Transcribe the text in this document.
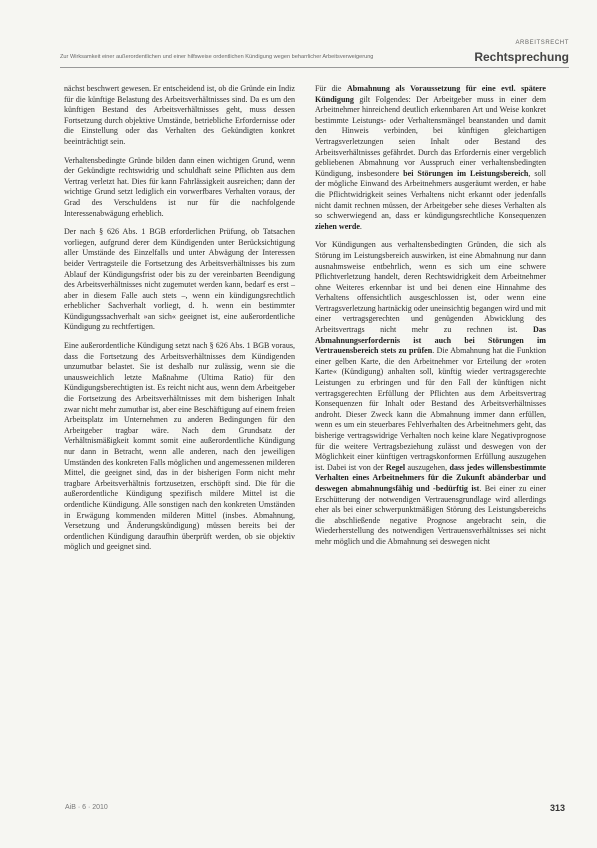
ARBEITSRECHT
Zur Wirksamkeit einer außerordentlichen und einer hilfsweise ordentlichen Kündigung wegen beharrlicher Arbeitsverweigerung	Rechtsprechung

nächst beschwert gewesen. Er entscheidend ist, ob die Gründe ein Indiz für die künftige Belastung des Arbeitsverhältnisses sind. Da es um den künftigen Bestand des Arbeitsverhältnisses geht, muss dessen Fortsetzung durch objektive Umstände, betriebliche Erfordernisse oder die Einstellung oder das Verhalten des Gekündigten konkret beeinträchtigt sein.

Verhaltensbedingte Gründe bilden dann einen wichtigen Grund, wenn der Gekündigte rechtswidrig und schuldhaft seine Pflichten aus dem Vertrag verletzt hat. Dies für kann Fahrlässigkeit ausreichen; dann der wichtige Grund setzt lediglich ein vorwerfbares Verhalten voraus, der Grad des Verschuldens ist nur für die nachfolgende Interessenabwägung erheblich.

Der nach § 626 Abs. 1 BGB erforderlichen Prüfung, ob Tatsachen vorliegen, aufgrund derer dem Kündigenden unter Berücksichtigung aller Umstände des Einzelfalls und unter Abwägung der Interessen beider Vertragsteile die Fortsetzung des Arbeitsverhältnisses bis zum Ablauf der Kündigungsfrist oder bis zu der vereinbarten Beendigung des Arbeitsverhältnisses nicht zugemutet werden kann, bedarf es erst – aber in diesem Falle auch stets –, wenn ein kündigungsrechtlich erheblicher Sachverhalt vorliegt, d. h. wenn ein bestimmter Kündigungssachverhalt »an sich« geeignet ist, eine außerordentliche Kündigung zu rechtfertigen.

Eine außerordentliche Kündigung setzt nach § 626 Abs. 1 BGB voraus, dass die Fortsetzung des Arbeitsverhältnisses dem Kündigenden unzumutbar belastet. Sie ist deshalb nur zulässig, wenn sie die unausweichlich letzte Maßnahme (Ultima Ratio) für den Kündigungsberechtigten ist. Es reicht nicht aus, wenn dem Arbeitgeber die Fortsetzung des Arbeitsverhältnisses mit dem bisherigen Inhalt zwar nicht mehr zumutbar ist, aber eine Beschäftigung auf einem freien Arbeitsplatz im Unternehmen zu anderen Bedingungen für den Arbeitgeber tragbar wäre. Nach dem Grundsatz der Verhältnismäßigkeit kommt somit eine außerordentliche Kündigung nur dann in Betracht, wenn alle anderen, nach den jeweiligen Umständen des konkreten Falls möglichen und angemessenen milderen Mittel, die geeignet sind, das in der bisherigen Form nicht mehr tragbare Arbeitsverhältnis fortzusetzen, erschöpft sind. Die für die außerordentliche Kündigung spezifisch mildere Mittel ist die ordentliche Kündigung. Alle sonstigen nach den konkreten Umständen in Erwägung kommenden milderen Mittel (insbes. Abmahnung, Versetzung und Änderungskündigung) müssen bereits bei der ordentlichen Kündigung daraufhin überprüft werden, ob sie objektiv möglich und geeignet sind.

Für die Abmahnung als Voraussetzung für eine evtl. spätere Kündigung gilt Folgendes: Der Arbeitgeber muss in einer dem Arbeitnehmer hinreichend deutlich erkennbaren Art und Weise konkret bestimmte Leistungs- oder Verhaltensmängel beanstanden und damit den Hinweis verbinden, bei künftigen gleichartigen Vertragsverletzungen seien Inhalt oder Bestand des Arbeitsverhältnisses gefährdet. Durch das Erfordernis einer vergeblich gebliebenen Abmahnung vor Ausspruch einer verhaltensbedingten Kündigung, insbesondere bei Störungen im Leistungsbereich, soll der mögliche Einwand des Arbeitnehmers ausgeräumt werden, er habe die Pflichtwidrigkeit seines Verhaltens nicht erkannt oder jedenfalls nicht damit rechnen müssen, der Arbeitgeber sehe dieses Verhalten als so schwerwiegend an, dass er kündigungsrechtliche Konsequenzen ziehen werde.

Vor Kündigungen aus verhaltensbedingten Gründen, die sich als Störung im Leistungsbereich auswirken, ist eine Abmahnung nur dann ausnahmsweise entbehrlich, wenn es sich um eine schwere Pflichtverletzung handelt, deren Rechtswidrigkeit dem Arbeitnehmer ohne Weiteres erkennbar ist und bei denen eine Hinnahme des Verhaltens offensichtlich ausgeschlossen ist, oder wenn eine Vertragsverletzung hartnäckig oder uneinsichtig begangen wird und mit einer vertragsgerechten und genügenden Abwicklung des Arbeitsvertrags nicht mehr zu rechnen ist. Das Abmahnungserfordernis ist auch bei Störungen im Vertrauensbereich stets zu prüfen. Die Abmahnung hat die Funktion einer gelben Karte, die den Arbeitnehmer vor Erteilung der »roten Karte« (Kündigung) anhalten soll, künftig wieder vertragsgerechte Leistungen zu erbringen und für den Fall der künftigen nicht vertragsgerechten Erfüllung der Pflichten aus dem Arbeitsvertrag Konsequenzen für Inhalt oder Bestand des Arbeitsverhältnisses androht. Dieser Zweck kann die Abmahnung immer dann erfüllen, wenn es um ein steuerbares Fehlverhalten des Arbeitnehmers geht, das bisherige vertragswidrige Verhalten noch keine klare Negativprognose für die weitere Vertragsbeziehung zulässt und deswegen von der Möglichkeit einer künftigen vertragskonformen Erfüllung auszugehen ist. Dabei ist von der Regel auszugehen, dass jedes willensbestimmte Verhalten eines Arbeitnehmers für die Zukunft abänderbar und deswegen abmahnungsfähig und -bedürftig ist. Bei einer zu einer Erschütterung der notwendigen Vertrauensgrundlage wird allerdings eher als bei einer schwerpunktmäßigen Störung des Leistungsbereichs die abschließende negative Prognose angebracht sein, die Wiederherstellung des notwendigen Vertrauensverhältnisses sei nicht mehr möglich und die Abmahnung sei deswegen nicht

AiB · 6 · 2010	313
